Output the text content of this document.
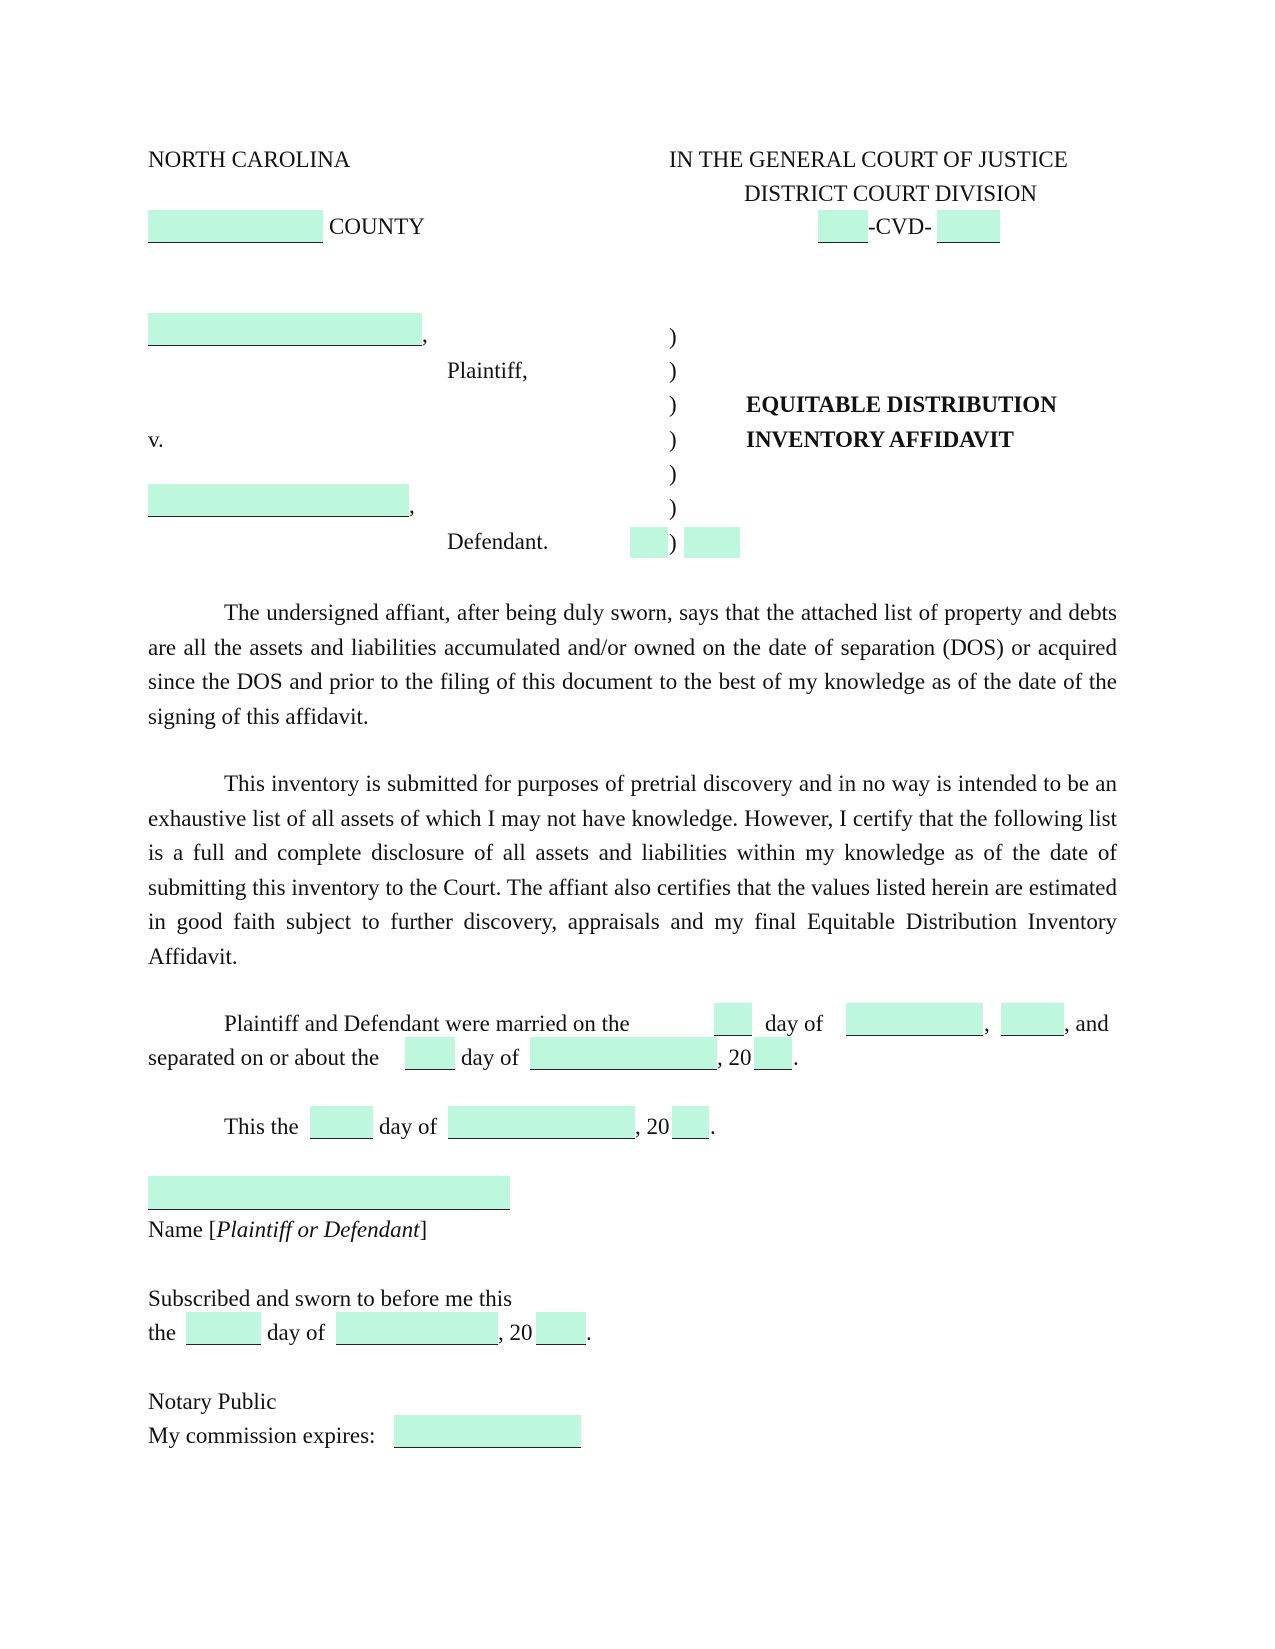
NORTH CAROLINA	IN THE GENERAL COURT OF JUSTICE
DISTRICT COURT DIVISION
COUNTY	-CVD-
,
Plaintiff,
v.
,
Defendant.
)
)
)
)
)
)
)
EQUITABLE DISTRIBUTION
INVENTORY AFFIDAVIT
The undersigned affiant, after being duly sworn, says that the attached list of property and debts are all the assets and liabilities accumulated and/or owned on the date of separation (DOS) or acquired since the DOS and prior to the filing of this document to the best of my knowledge as of the date of the signing of this affidavit.
This inventory is submitted for purposes of pretrial discovery and in no way is intended to be an exhaustive list of all assets of which I may not have knowledge. However, I certify that the following list is a full and complete disclosure of all assets and liabilities within my knowledge as of the date of submitting this inventory to the Court. The affiant also certifies that the values listed herein are estimated in good faith subject to further discovery, appraisals and my final Equitable Distribution Inventory Affidavit.
Plaintiff and Defendant were married on the	day of	,	, and
separated on or about the	day of	, 20 .
This the	day of	, 20 .
Name [Plaintiff or Defendant]
Subscribed and sworn to before me this
the	day of	, 20 .
Notary Public
My commission expires:
